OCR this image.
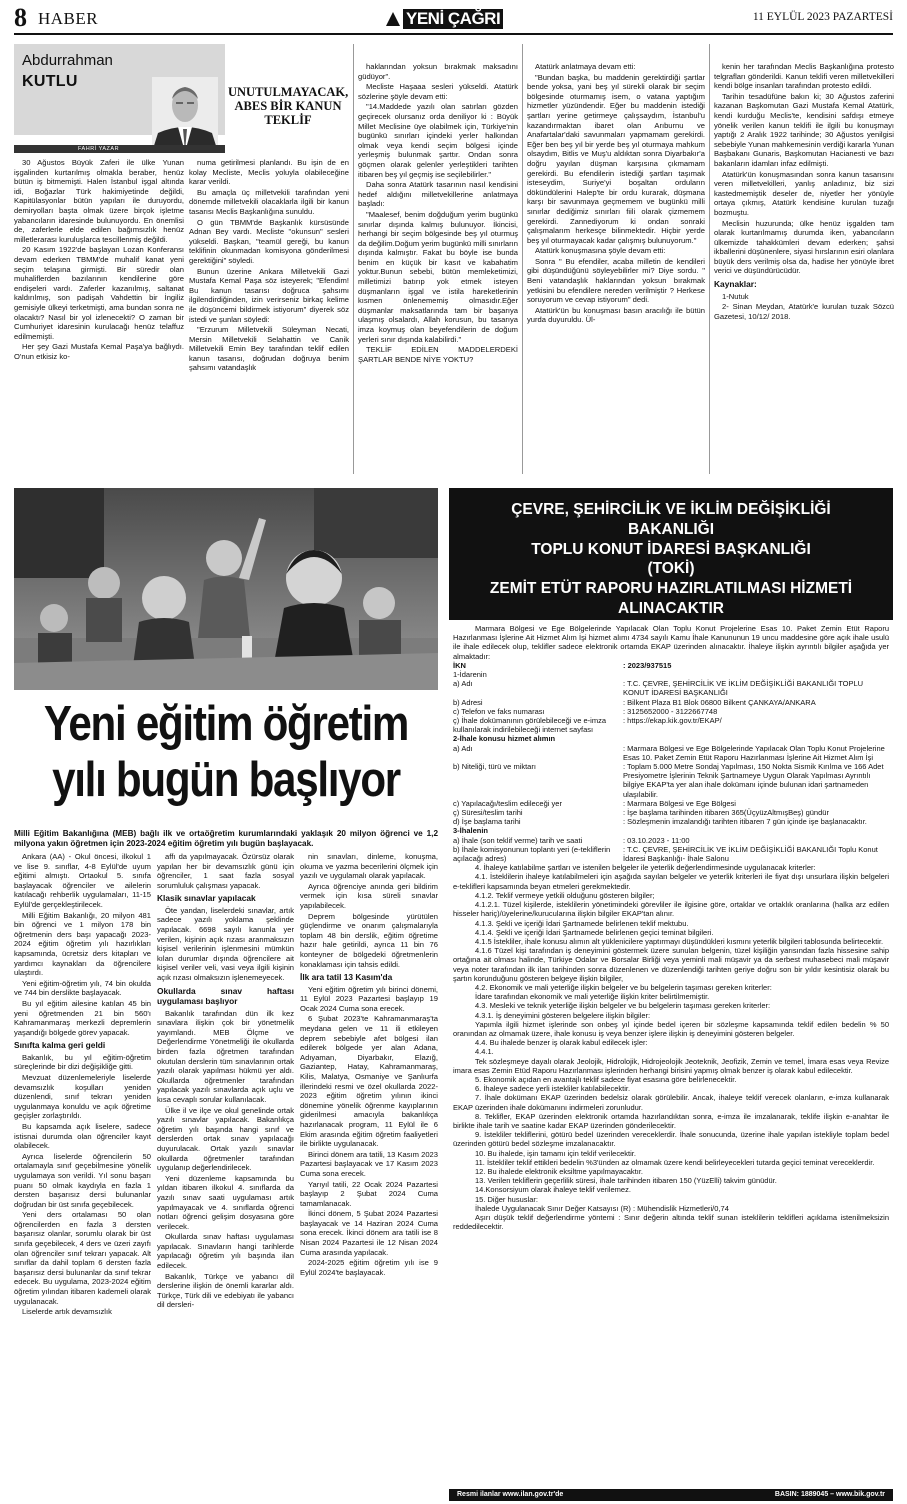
8 HABER	YENİ ÇAĞRI	11 EYLÜL 2023 PAZARTESİ
Abdurrahman
KUTLU
FAHRİ YAZAR
UNUTULMAYACAK, ABES BİR KANUN TEKLİF

30 Ağustos Büyük Zaferi ile ülke Yunan işgalinden kurtarılmış olmakla beraber, henüz bütün iş bitmemişti. Halen İstanbul işgal altında idi, Boğazlar Türk hakimiyetinde değildi, Kapitülasyonlar bütün yapıları ile duruyordu, demiryolları başta olmak üzere birçok işletme yabancıların idaresinde bulunuyordu. En önemlisi de, zaferlerle elde edilen bağımsızlık henüz milletlerarası kuruluşlarca tescillenmiş değildi.

20 Kasım 1922'de başlayan Lozan Konferansı devam ederken TBMM'de muhalif kanat yeni seçim telaşına girmişti. Bir süredir olan muhaliflerden bazılarının kendilerine göre endişeleri vardı. Zaferler kazanılmış, saltanat kaldırılmış, son padişah Vahdettin bir İngiliz gemisiyle ülkeyi terketmişti, ama bundan sonra ne olacaktı? Nasıl bir yol izlenecekti? O zaman bir Cumhuriyet idaresinin kurulacağı henüz telaffuz edilmemişti.

Her şey Gazi Mustafa Kemal Paşa'ya bağlıydı. O'nun etkisiz ko-

numa getirilmesi planlandı. Bu işin de en kolay Mecliste, Meclis yoluyla olabileceğine karar verildi.

Bu amaçla üç milletvekili tarafından yeni dönemde milletvekili olacaklarla ilgili bir kanun tasarısı Meclis Başkanlığına sunuldu.

O gün TBMM'de Başkanlık kürsüsünde Adnan Bey vardı. Mecliste "okunsun" sesleri yükseldi. Başkan, "teamül gereği, bu kanun teklifinin okunmadan komisyona gönderilmesi gerektiğini" söyledi.

Bunun üzerine Ankara Milletvekili Gazi Mustafa Kemal Paşa söz isteyerek; "Efendim! Bu kanun tasarısı doğruca şahsımı ilgilendirdiğinden, izin verirseniz birkaç kelime ile düşüncemi bildirmek istiyorum" diyerek söz istedi ve şunları söyledi:

"Erzurum Milletvekili Süleyman Necati, Mersin Milletvekili Selahattin ve Canik Milletvekili Emin Bey tarafından teklif edilen kanun tasarısı, doğrudan doğruya benim şahsımı vatandaşlık

haklarından yoksun bırakmak maksadını güdüyor".

Mecliste Haşaaa sesleri yükseldi. Atatürk sözlerine şöyle devam etti:

"14.Maddede yazılı olan satırları gözden geçirecek olursanız orda deniliyor ki : Büyük Millet Meclisine üye olabilmek için, Türkiye'nin bugünkü sınırları içindeki yerler halkından olmak veya kendi seçim bölgesi içinde yerleşmiş bulunmak şarttır. Ondan sonra göçmen olarak gelenler yerleştikleri tarihten itibaren beş yıl geçmiş ise seçilebilirler."

Daha sonra Atatürk tasarının nasıl kendisini hedef aldığını milletvekillerine anlatmaya başladı:

"Maalesef, benim doğduğum yerim bugünkü sınırlar dışında kalmış bulunuyor. İkincisi, herhangi bir seçim bölgesinde beş yıl oturmuş da değilim.Doğum yerim bugünkü milli sınırların dışında kalmıştır. Fakat bu böyle ise bunda benim en küçük bir kasıt ve kabahatim yoktur.Bunun sebebi, bütün memleketimizi, milletimizi batırıp yok etmek isteyen düşmanların işgal ve istila hareketlerinin kısmen önlenememiş olmasıdır.Eğer düşmanlar maksatlarında tam bir başarıya ulaşmış olsalardı, Allah korusun, bu tasarıya imza koymuş olan beyefendilerin de doğum yerleri sınır dışında kalabilirdi."

TEKLİF EDİLEN MADDELERDEKİ ŞARTLAR BENDE NİYE YOKTU?

Atatürk anlatmaya devam etti:

"Bundan başka, bu maddenin gerektirdiği şartlar bende yoksa, yani beş yıl sürekli olarak bir seçim bölgesinde oturmamış isem, o vatana yaptığım hizmetler yüzündendir. Eğer bu maddenin istediği şartları yerine getirmeye çalışsaydım, İstanbul'u kazandırmaktan ibaret olan Arıburnu ve Anafartalar'daki savunmaları yapmamam gerekirdi. Eğer ben beş yıl bir yerde beş yıl oturmaya mahkum olsaydım, Bitlis ve Muş'u aldıktan sonra Diyarbakır'a doğru yayılan düşman karşısına çıkmamam gerekirdi. Bu efendilerin istediği şartları taşımak isteseydim, Suriye'yi boşaltan orduların dökündülerini Halep'te bir ordu kurarak, düşmana karşı bir savunmaya geçmemem ve bugünkü milli sınırlar dediğimiz sınırları fiili olarak çizmemem gerekirdi. Zannediyorum ki ondan sonraki çalışmalarım herkesçe bilinmektedir. Hiçbir yerde beş yıl oturmayacak kadar çalışmış bulunuyorum."

Atatürk konuşmasına şöyle devam etti:

Sonra " Bu efendiler, acaba milletin de kendileri gibi düşündüğünü söyleyebilirler mi? Diye sordu. " Beni vatandaşlık haklarından yoksun bırakmak yetkisini bu efendilere nereden verilmiştir ? Herkese soruyorum ve cevap istiyorum" dedi.

Atatürk'ün bu konuşması basın aracılığı ile bütün yurda duyuruldu. Ül-

kenin her tarafından Meclis Başkanlığına protesto telgrafları gönderildi. Kanun teklifi veren milletvekilleri kendi bölge insanları tarafından protesto edildi.

Tarihin tesadüfüne bakın ki; 30 Ağustos zaferini kazanan Başkomutan Gazi Mustafa Kemal Atatürk, kendi kurduğu Meclis'te, kendisini safdışı etmeye yönelik verilen kanun teklifi ile ilgili bu konuşmayı yaptığı 2 Aralık 1922 tarihinde; 30 Ağustos yenilgisi sebebiyle Yunan mahkemesinin verdiği kararla Yunan Başbakanı Gunaris, Başkomutan Hacianesti ve bazı bakanların idamları infaz edilmişti.

Atatürk'ün konuşmasından sonra kanun tasarısını veren milletvekilleri, yanlış anladınız, biz sizi kastedmemiştik deseler de, niyetler her yönüyle ortaya çıkmış, Atatürk kendisine kurulan tuzağı bozmuştu.

Meclisin huzurunda; ülke henüz işgalden tam olarak kurtarılmamış durumda iken, yabancıların ülkemizde tahakkümleri devam ederken; şahsi ikballerini düşünenlere, siyasi hırslarının esiri olanlara büyük ders verilmiş olsa da, hadise her yönüyle ibret verici ve düşündürücüdür.

Kaynaklar:

1-Nutuk

2- Sinan Meydan, Atatürk'e kurulan tuzak Sözcü Gazetesi, 10/12/ 2018.

Yeni eğitim öğretim
yılı bugün başlıyor
Milli Eğitim Bakanlığına (MEB) bağlı ilk ve ortaöğretim kurumlarındaki yaklaşık 20 milyon öğrenci ve 1,2 milyona yakın öğretmen için 2023-2024 eğitim öğretim yılı bugün başlayacak.

Ankara (AA) - Okul öncesi, ilkokul 1 ve lise 9. sınıflar, 4-8 Eylül'de uyum eğitimi almıştı. Ortaokul 5. sınıfa başlayacak öğrenciler ve ailelerin katılacağı rehberlik uygulamaları, 11-15 Eylül'de gerçekleştirilecek.

Milli Eğitim Bakanlığı, 20 milyon 481 bin öğrenci ve 1 milyon 178 bin öğretmenin ders başı yapacağı 2023-2024 eğitim öğretim yılı hazırlıkları kapsamında, ücretsiz ders kitapları ve yardımcı kaynakları da öğrencilere ulaştırdı.

Yeni eğitim-öğretim yılı, 74 bin okulda ve 744 bin derslikte başlayacak.

Bu yıl eğitim ailesine katılan 45 bin yeni öğretmenden 21 bin 560'ı Kahramanmaraş merkezli depremlerin yaşandığı bölgede görev yapacak.

Sınıfta kalma geri geldi

Bakanlık, bu yıl eğitim-öğretim süreçlerinde bir dizi değişikliğe gitti.

Mevzuat düzenlemeleriyle liselerde devamsızlık koşulları yeniden düzenlendi, sınıf tekrarı yeniden uygulanmaya konuldu ve açık öğretime geçişler zorlaştırıldı.

Bu kapsamda açık liselere, sadece istisnai durumda olan öğrenciler kayıt olabilecek.

Ayrıca liselerde öğrencilerin 50 ortalamayla sınıf geçebilmesine yönelik uygulamaya son verildi. Yıl sonu başarı puanı 50 olmak kaydıyla en fazla 1 dersten başarısız dersi bulunanlar doğrudan bir üst sınıfa geçebilecek.

Yeni ders ortalaması 50 olan öğrencilerden en fazla 3 dersten başarısız olanlar, sorumlu olarak bir üst sınıfa geçebilecek, 4 ders ve üzeri zayıfı olan öğrenciler sınıf tekrarı yapacak. Alt sınıflar da dahil toplam 6 dersten fazla başarısız dersi bulunanlar da sınıf tekrar edecek. Bu uygulama, 2023-2024 eğitim öğretim yılından itibaren kademeli olarak uygulanacak.

Liselerde artık devamsızlık

affı da yapılmayacak. Özürsüz olarak yapılan her bir devamsızlık günü için öğrenciler, 1 saat fazla sosyal sorumluluk çalışması yapacak.

Klasik sınavlar yapılacak

Öte yandan, liselerdeki sınavlar, artık sadece yazılı yoklama şeklinde yapılacak. 6698 sayılı kanunla yer verilen, kişinin açık rızası aranmaksızın kişisel verilerinin işlenmesini mümkün kılan durumlar dışında öğrencilere ait kişisel veriler veli, vasi veya ilgili kişinin açık rızası olmaksızın işlenemeyecek.

Okullarda sınav haftası uygulaması başlıyor

Bakanlık tarafından dün ilk kez sınavlara ilişkin çok bir yönetmelik yayımlandı. MEB Ölçme ve Değerlendirme Yönetmeliği ile okullarda birden fazla öğretmen tarafından okutulan derslerin tüm sınavlarının ortak yazılı olarak yapılması hükmü yer aldı. Okullarda öğretmenler tarafından yapılacak yazılı sınavlarda açık uçlu ve kısa cevaplı sorular kullanılacak.

Ülke il ve ilçe ve okul genelinde ortak yazılı sınavlar yapılacak. Bakanlıkça öğretim yılı başında hangi sınıf ve derslerden ortak sınav yapılacağı duyurulacak. Ortak yazılı sınavlar okullarda öğretmenler tarafından uygulanıp değerlendirilecek.

Yeni düzenleme kapsamında bu yıldan itibaren ilkokul 4. sınıflarda da yazılı sınav saati uygulaması artık yapılmayacak ve 4. sınıflarda öğrenci notları öğrenci gelişim dosyasına göre verilecek.

Okullarda sınav haftası uygulaması yapılacak. Sınavların hangi tarihlerde yapılacağı öğretim yılı başında ilan edilecek.

Bakanlık, Türkçe ve yabancı dil derslerine ilişkin de önemli kararlar aldı. Türkçe, Türk dili ve edebiyatı ile yabancı dil dersleri-

nin sınavları, dinleme, konuşma, okuma ve yazma becerilerini ölçmek için yazılı ve uygulamalı olarak yapılacak.

Ayrıca öğrenciye anında geri bildirim vermek için kısa süreli sınavlar yapılabilecek.

Deprem bölgesinde yürütülen güçlendirme ve onarım çalışmalarıyla toplam 48 bin derslik, eğitim öğretime hazır hale getirildi, ayrıca 11 bin 76 konteyner de bölgedeki öğretmenlerin konaklaması için tahsis edildi.

İlk ara tatil 13 Kasım'da

Yeni eğitim öğretim yılı birinci dönemi, 11 Eylül 2023 Pazartesi başlayıp 19 Ocak 2024 Cuma sona erecek.

6 Şubat 2023'te Kahramanmaraş'ta meydana gelen ve 11 ili etkileyen deprem sebebiyle afet bölgesi ilan edilerek bölgede yer alan Adana, Adıyaman, Diyarbakır, Elazığ, Gaziantep, Hatay, Kahramanmaraş, Kilis, Malatya, Osmaniye ve Şanlıurfa illerindeki resmi ve özel okullarda 2022-2023 eğitim öğretim yılının ikinci dönemine yönelik öğrenme kayıplarının giderilmesi amacıyla bakanlıkça hazırlanacak program, 11 Eylül ile 6 Ekim arasında eğitim öğretim faaliyetleri ile birlikte uygulanacak.

Birinci dönem ara tatili, 13 Kasım 2023 Pazartesi başlayacak ve 17 Kasım 2023 Cuma sona erecek.

Yarıyıl tatili, 22 Ocak 2024 Pazartesi başlayıp 2 Şubat 2024 Cuma tamamlanacak.

İkinci dönem, 5 Şubat 2024 Pazartesi başlayacak ve 14 Haziran 2024 Cuma sona erecek. İkinci dönem ara tatili ise 8 Nisan 2024 Pazartesi ile 12 Nisan 2024 Cuma arasında yapılacak.

2024-2025 eğitim öğretim yılı ise 9 Eylül 2024'te başlayacak.

ÇEVRE, ŞEHİRCİLİK VE İKLİM DEĞİŞİKLİĞİ
BAKANLIĞI
TOPLU KONUT İDARESİ BAŞKANLIĞI
(TOKİ)
ZEMİT ETÜT RAPORU HAZIRLATILMASI HİZMETİ
ALINACAKTIR
Marmara Bölgesi ve Ege Bölgelerinde Yapılacak Olan Toplu Konut Projelerine Esas 10. Paket Zemin Etüt Raporu Hazırlanması İşlerine Ait Hizmet Alım İşi hizmet alımı 4734 sayılı Kamu İhale Kanununun 19 uncu maddesine göre açık ihale usulü ile ihale edilecek olup, teklifler sadece elektronik ortamda EKAP üzerinden alınacaktır. İhaleye ilişkin ayrıntılı bilgiler aşağıda yer almaktadır:
İKN	: 2023/937515
1-İdarenin
a) Adı	: T.C. ÇEVRE, ŞEHİRCİLİK VE İKLİM DEĞİŞİKLİĞİ BAKANLIĞI TOPLU KONUT İDARESİ BAŞKANLIĞI
b) Adresi	: Bilkent Plaza B1 Blok 06800 Bilkent ÇANKAYA/ANKARA
c) Telefon ve faks numarası	: 3125652000 - 3122667748
ç) İhale dokümanının görülebileceği ve e-imza kullanılarak indirilebileceği internet sayfası
: https://ekap.kik.gov.tr/EKAP/
2-İhale konusu hizmet alımın
a) Adı	: Marmara Bölgesi ve Ege Bölgelerinde Yapılacak Olan Toplu Konut Projelerine Esas 10. Paket Zemin Etüt Raporu Hazırlanması İşlerine Ait Hizmet Alım İşi
b) Niteliği, türü ve miktarı	: Toplam 5.000 Metre Sondaj Yapılması, 150 Nokta Sismik Kırılma ve 166 Adet Presiyometre İşlerinin Teknik Şartnameye Uygun Olarak Yapılması Ayrıntılı bilgiye EKAP'ta yer alan ihale dokümanı içinde bulunan idari şartnameden ulaşılabilir.
c) Yapılacağı/teslim edileceği yer	: Marmara Bölgesi ve Ege Bölgesi
ç) Süresi/teslim tarihi	: İşe başlama tarihinden itibaren 365(ÜçyüzAltmışBeş) gündür
d) İşe başlama tarihi	: Sözleşmenin imzalandığı tarihten itibaren 7 gün içinde işe başlanacaktır.
3-İhalenin
a) İhale (son teklif verme) tarih ve saati	: 03.10.2023 - 11:00
b) İhale komisyonunun toplantı yeri (e-tekliflerin açılacağı adres)
: T.C. ÇEVRE, ŞEHİRCİLİK VE İKLİM DEĞİŞİKLİĞİ BAKANLIĞI Toplu Konut İdaresi Başkanlığı- İhale Salonu
4. İhaleye katılabilme şartları ve istenilen belgeler ile yeterlik değerlendirmesinde uygulanacak kriterler:
4.1. İsteklilerin ihaleye katılabilmeleri için aşağıda sayılan belgeler ve yeterlik kriterleri ile fiyat dışı unsurlara ilişkin belgeleri e-teklifleri kapsamında beyan etmeleri gerekmektedir.
4.1.2. Teklif vermeye yetkili olduğunu gösteren bilgiler;
4.1.2.1. Tüzel kişilerde, isteklilerin yönetimindeki görevliler ile ilgisine göre, ortaklar ve ortaklık oranlarına (halka arz edilen hisseler hariç)/üyelerine/kurucularına ilişkin bilgiler EKAP'tan alınır.
4.1.3. Şekli ve içeriği İdari Şartnamede belirlenen teklif mektubu.
4.1.4. Şekli ve içeriği İdari Şartnamede belirlenen geçici teminat bilgileri.
4.1.5 İstekliler, ihale konusu alımın alt yüklenicilere yaptırmayı düşündükleri kısmını yeterlik bilgileri tablosunda belirtecektir.
4.1.6 Tüzel kişi tarafından iş deneyimini göstermek üzere sunulan belgenin, tüzel kişiliğin yarısından fazla hissesine sahip ortağına ait olması halinde, Türkiye Odalar ve Borsalar Birliği veya yeminli mali müşavir ya da serbest muhasebeci mali müşavir veya noter tarafından ilk ilan tarihinden sonra düzenlenen ve düzenlendiği tarihten geriye doğru son bir yıldır kesintisiz olarak bu şartın korunduğunu gösteren belgeye ilişkin bilgiler,
4.2. Ekonomik ve mali yeterliğe ilişkin belgeler ve bu belgelerin taşıması gereken kriterler:
İdare tarafından ekonomik ve mali yeterliğe ilişkin kriter belirtilmemiştir.
4.3. Mesleki ve teknik yeterliğe ilişkin belgeler ve bu belgelerin taşıması gereken kriterler:
4.3.1. İş deneyimini gösteren belgelere ilişkin bilgiler:
Yapımla ilgili hizmet işlerinde son onbeş yıl içinde bedel içeren bir sözleşme kapsamında teklif edilen bedelin % 50 oranından az olmamak üzere, ihale konusu iş veya benzer işlere ilişkin iş deneyimini gösteren belgeler.
4.4. Bu ihalede benzer iş olarak kabul edilecek işler:
4.4.1.
Tek sözleşmeye dayalı olarak Jeolojik, Hidrolojik, Hidrojeolojik Jeoteknik, Jeofizik, Zemin ve temel, İmara esas veya Revize imara esas Zemin Etüd Raporu Hazırlanması işlerinden herhangi birisini yapmış olmak benzer iş olarak kabul edilecektir.
5. Ekonomik açıdan en avantajlı teklif sadece fiyat esasına göre belirlenecektir.
6. İhaleye sadece yerli istekliler katılabilecektir.
7. İhale dokümanı EKAP üzerinden bedelsiz olarak görülebilir. Ancak, ihaleye teklif verecek olanların, e-imza kullanarak EKAP üzerinden ihale dokümanını indirmeleri zorunludur.
8. Teklifler, EKAP üzerinden elektronik ortamda hazırlandıktan sonra, e-imza ile imzalanarak, teklife ilişkin e-anahtar ile birlikte ihale tarih ve saatine kadar EKAP üzerinden gönderilecektir.
9. İstekliler tekliflerini, götürü bedel üzerinden vereceklerdir. İhale sonucunda, üzerine ihale yapılan istekliyle toplam bedel üzerinden götürü bedel sözleşme imzalanacaktır.
10. Bu ihalede, işin tamamı için teklif verilecektir.
11. İstekliler teklif ettikleri bedelin %3'ünden az olmamak üzere kendi belirleyecekleri tutarda geçici teminat vereceklerdir.
12. Bu ihalede elektronik eksiltme yapılmayacaktır.
13. Verilen tekliflerin geçerlilik süresi, ihale tarihinden itibaren 150 (YüzElli) takvim günüdür.
14.Konsorsiyum olarak ihaleye teklif verilemez.
15. Diğer hususlar:
İhalede Uygulanacak Sınır Değer Katsayısı (R) : Mühendislik Hizmetleri/0,74
Aşırı düşük teklif değerlendirme yöntemi : Sınır değerin altında teklif sunan isteklilerin teklifleri açıklama istenilmeksizin reddedilecektir.
Resmi ilanlar www.ilan.gov.tr'de	BASIN: 1889045 – www.bik.gov.tr
